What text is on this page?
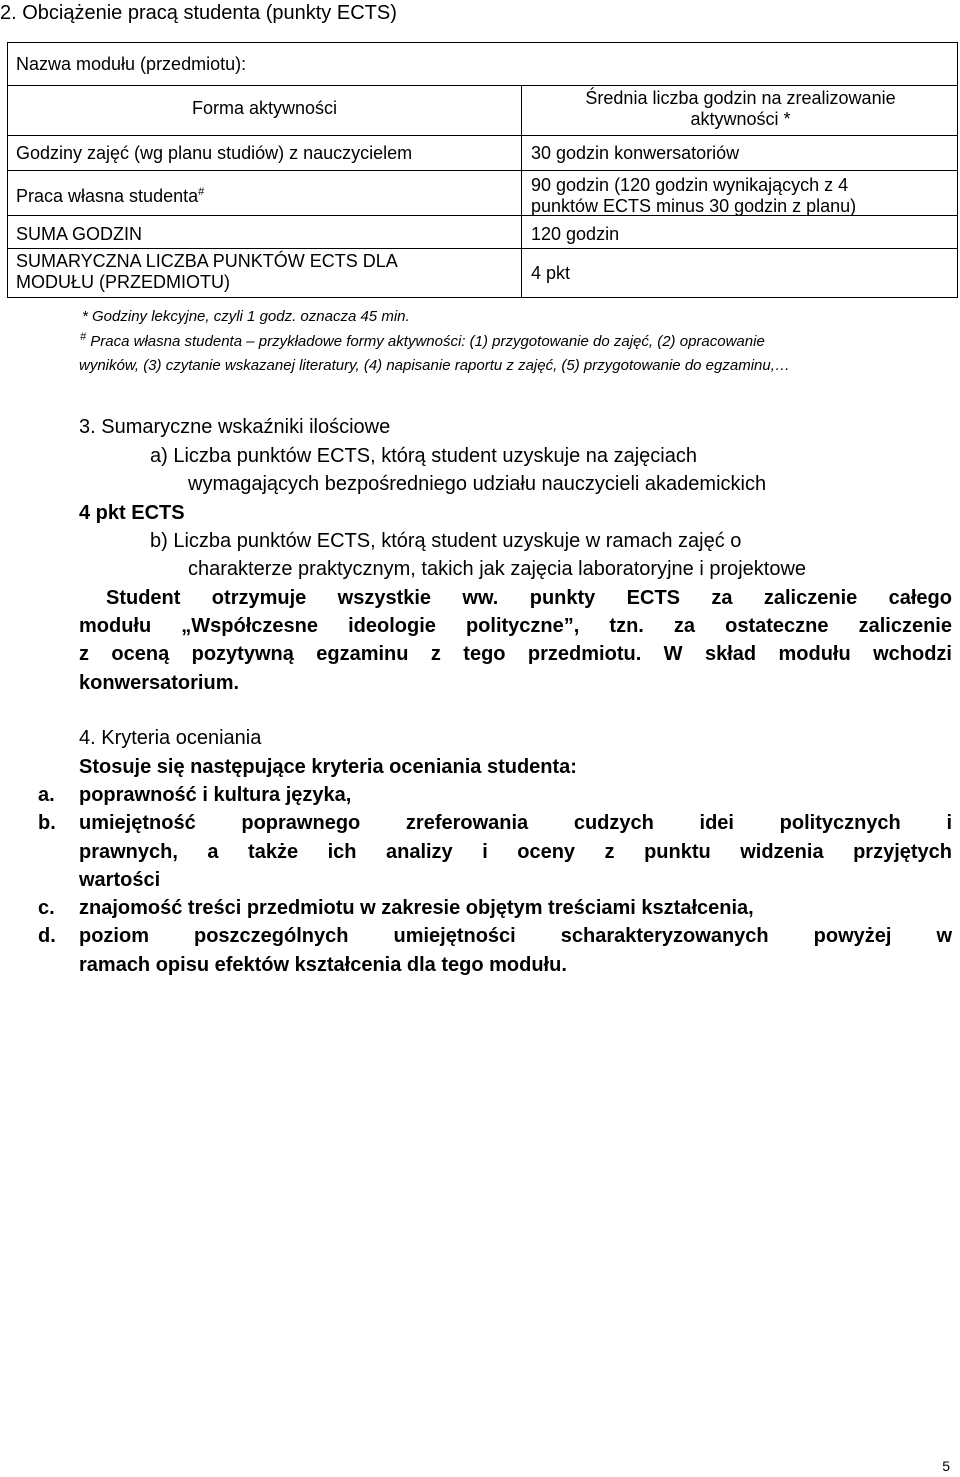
2. Obciążenie pracą studenta (punkty ECTS)
Nazwa modułu (przedmiotu):
Forma aktywności	Średnia liczba godzin na zrealizowanie
aktywności *
Godziny zajęć (wg planu studiów) z nauczycielem	30 godzin konwersatoriów
Praca własna studenta#	90 godzin (120 godzin wynikających z 4
punktów ECTS minus 30 godzin z planu)
SUMA GODZIN	120 godzin
SUMARYCZNA LICZBA PUNKTÓW ECTS DLA
MODUŁU (PRZEDMIOTU)	4 pkt
* Godziny lekcyjne, czyli 1 godz. oznacza 45 min.
# Praca własna studenta – przykładowe formy aktywności: (1) przygotowanie do zajęć, (2) opracowanie
wyników, (3) czytanie wskazanej literatury, (4) napisanie raportu z zajęć, (5) przygotowanie do egzaminu,…
3. Sumaryczne wskaźniki ilościowe
a) Liczba punktów ECTS, którą student uzyskuje na zajęciach
wymagających bezpośredniego udziału nauczycieli akademickich
4 pkt ECTS
b) Liczba punktów ECTS, którą student uzyskuje w ramach zajęć o
charakterze praktycznym, takich jak zajęcia laboratoryjne i projektowe
Student otrzymuje wszystkie ww. punkty ECTS za zaliczenie całego
modułu „Współczesne ideologie polityczne”, tzn. za ostateczne zaliczenie
z oceną pozytywną egzaminu z tego przedmiotu. W skład modułu wchodzi
konwersatorium.
4. Kryteria oceniania
Stosuje się następujące kryteria oceniania studenta:
a. poprawność i kultura języka,
b. umiejętność poprawnego zreferowania cudzych idei politycznych i
prawnych, a także ich analizy i oceny z punktu widzenia przyjętych
wartości
c. znajomość treści przedmiotu w zakresie objętym treściami kształcenia,
d. poziom poszczególnych umiejętności scharakteryzowanych powyżej w
ramach opisu efektów kształcenia dla tego modułu.
5
